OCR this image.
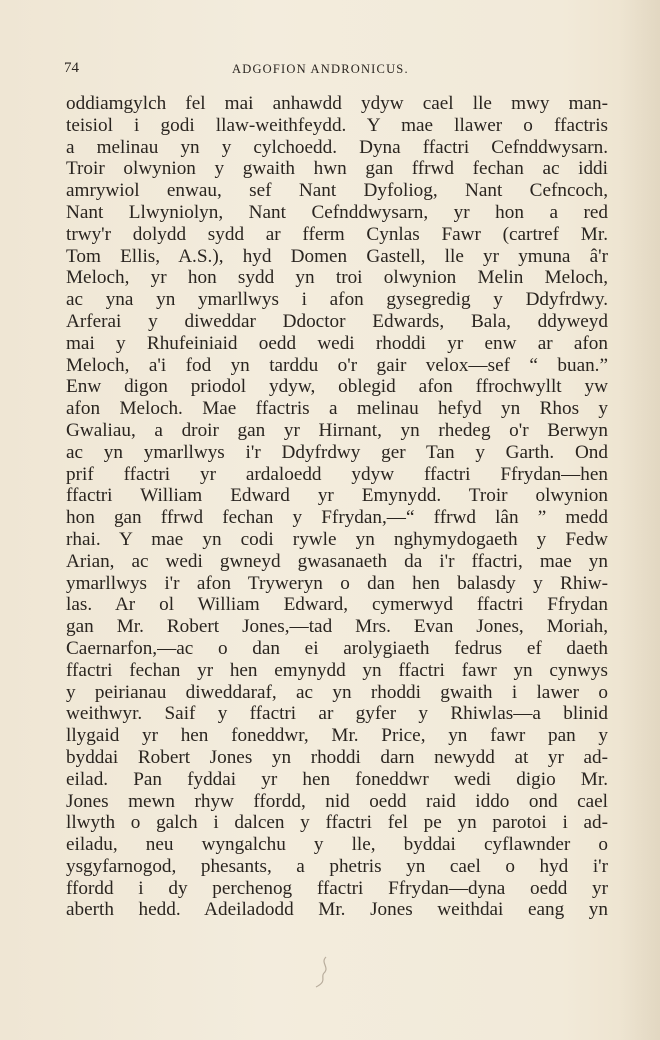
74	ADGOFION ANDRONICUS.
oddiamgylch fel mai anhawdd ydyw cael lle mwy man-
teisiol i godi llaw-weithfeydd. Y mae llawer o ffactris
a melinau yn y cylchoedd. Dyna ffactri Cefnddwysarn.
Troir olwynion y gwaith hwn gan ffrwd fechan ac iddi
amrywiol enwau, sef Nant Dyfoliog, Nant Cefncoch,
Nant Llwyniolyn, Nant Cefnddwysarn, yr hon a red
trwy'r dolydd sydd ar fferm Cynlas Fawr (cartref Mr.
Tom Ellis, A.S.), hyd Domen Gastell, lle yr ymuna â'r
Meloch, yr hon sydd yn troi olwynion Melin Meloch,
ac yna yn ymarllwys i afon gysegredig y Ddyfrdwy.
Arferai y diweddar Ddoctor Edwards, Bala, ddyweyd
mai y Rhufeiniaid oedd wedi rhoddi yr enw ar afon
Meloch, a'i fod yn tarddu o'r gair velox—sef “ buan.”
Enw digon priodol ydyw, oblegid afon ffrochwyllt yw
afon Meloch. Mae ffactris a melinau hefyd yn Rhos y
Gwaliau, a droir gan yr Hirnant, yn rhedeg o'r Berwyn
ac yn ymarllwys i'r Ddyfrdwy ger Tan y Garth. Ond
prif ffactri yr ardaloedd ydyw ffactri Ffrydan—hen
ffactri William Edward yr Emynydd. Troir olwynion
hon gan ffrwd fechan y Ffrydan,—“ ffrwd lân ” medd
rhai. Y mae yn codi rywle yn nghymydogaeth y Fedw
Arian, ac wedi gwneyd gwasanaeth da i'r ffactri, mae yn
ymarllwys i'r afon Tryweryn o dan hen balasdy y Rhiw-
las. Ar ol William Edward, cymerwyd ffactri Ffrydan
gan Mr. Robert Jones,—tad Mrs. Evan Jones, Moriah,
Caernarfon,—ac o dan ei arolygiaeth fedrus ef daeth
ffactri fechan yr hen emynydd yn ffactri fawr yn cynwys
y peirianau diweddaraf, ac yn rhoddi gwaith i lawer o
weithwyr. Saif y ffactri ar gyfer y Rhiwlas—a blinid
llygaid yr hen foneddwr, Mr. Price, yn fawr pan y
byddai Robert Jones yn rhoddi darn newydd at yr ad-
eilad. Pan fyddai yr hen foneddwr wedi digio Mr.
Jones mewn rhyw ffordd, nid oedd raid iddo ond cael
llwyth o galch i dalcen y ffactri fel pe yn parotoi i ad-
eiladu, neu wyngalchu y lle, byddai cyflawnder o
ysgyfarnogod, phesants, a phetris yn cael o hyd i'r
ffordd i dy perchenog ffactri Ffrydan—dyna oedd yr
aberth hedd. Adeiladodd Mr. Jones weithdai eang yn
